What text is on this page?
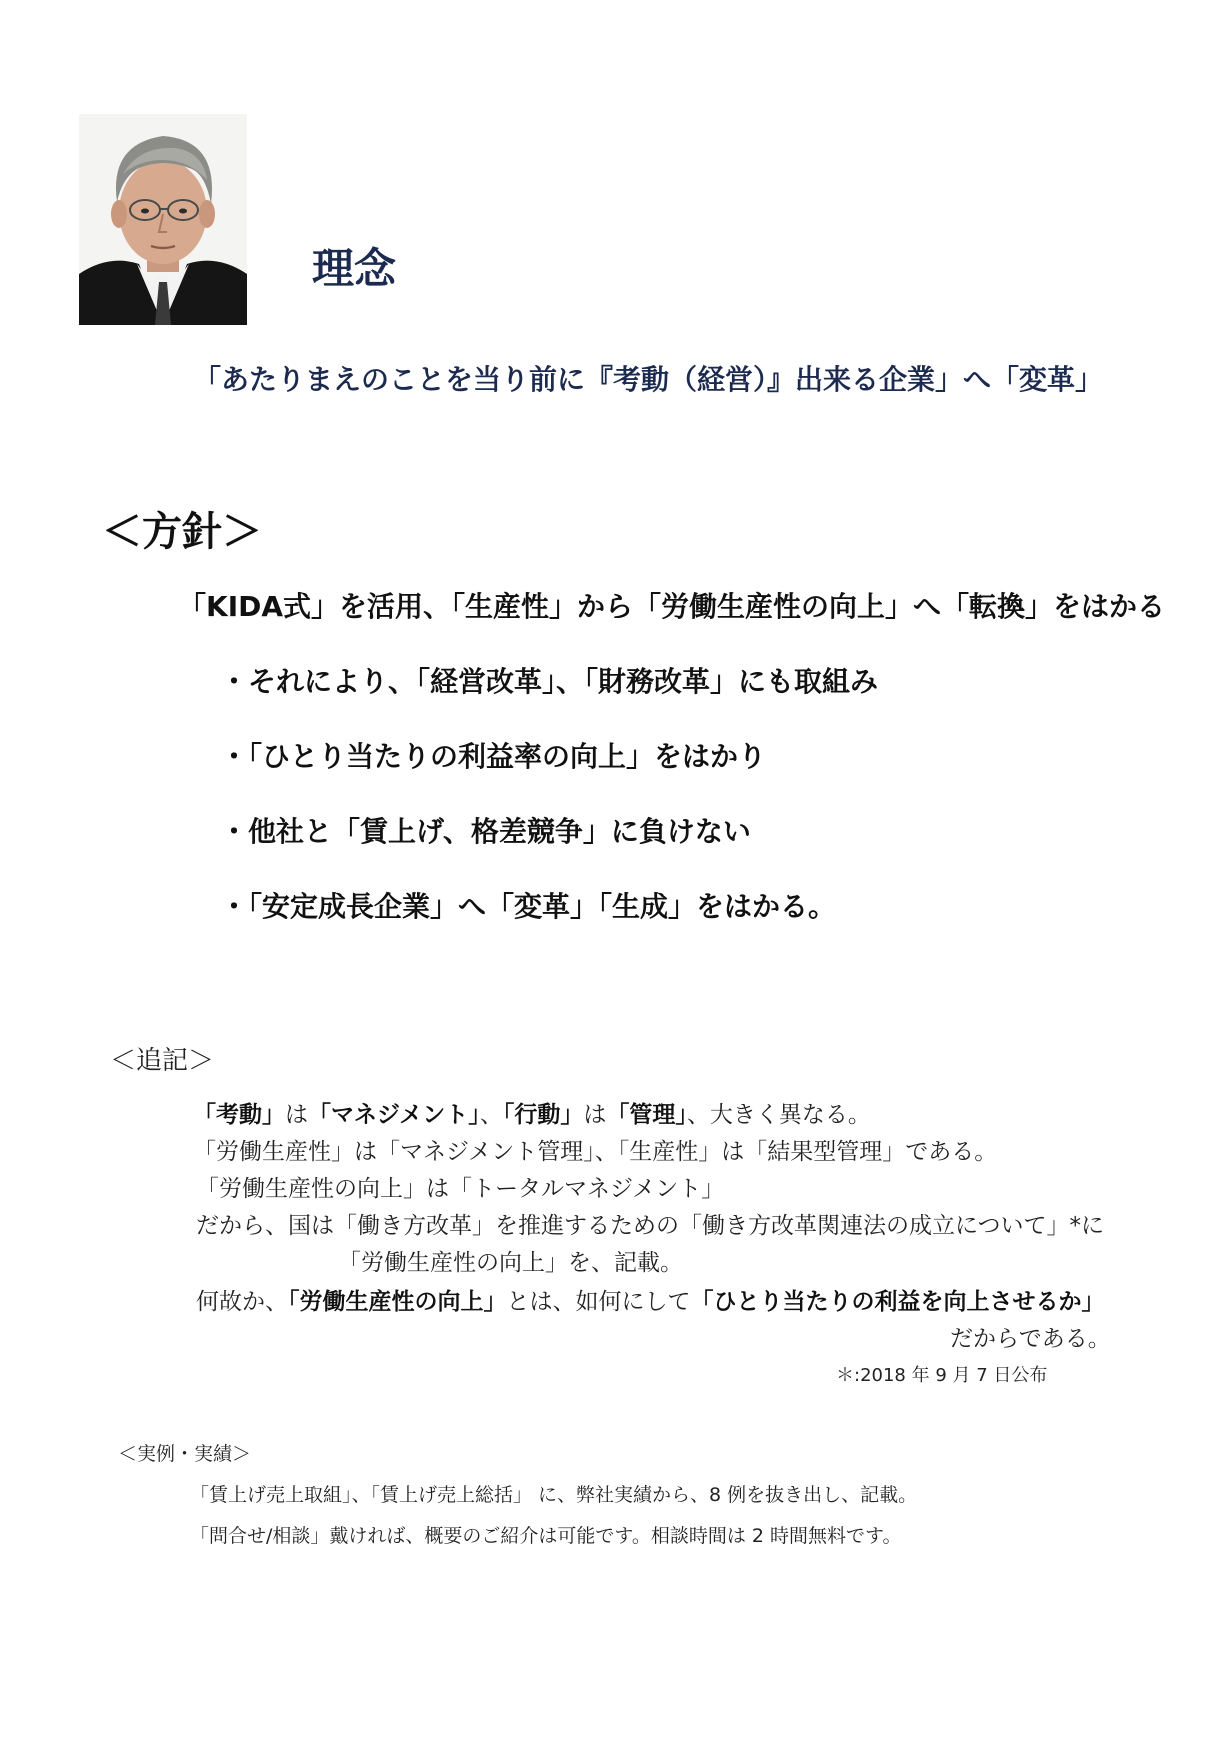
理念
「あたりまえのことを当り前に『考動（経営）』出来る企業」へ「変革」
＜方針＞
「KIDA式」を活用、「生産性」から「労働生産性の向上」へ「転換」をはかる
・それにより、「経営改革」、「財務改革」にも取組み
・「ひとり当たりの利益率の向上」をはかり
・他社と「賃上げ、格差競争」に負けない
・「安定成長企業」へ「変革」「生成」をはかる。
＜追記＞
「考動」は「マネジメント」、「行動」は「管理」、大きく異なる。
「労働生産性」は「マネジメント管理」、「生産性」は「結果型管理」である。
「労働生産性の向上」は「トータルマネジメント」
だから、国は「働き方改革」を推進するための「働き方改革関連法の成立について」*に
「労働生産性の向上」を、記載。
何故か、「労働生産性の向上」とは、如何にして「ひとり当たりの利益を向上させるか」
だからである。
＊:2018 年 9 月 7 日公布
＜実例・実績＞
「賃上げ売上取組」、「賃上げ売上総括」 に、弊社実績から、8 例を抜き出し、記載。
「問合せ/相談」戴ければ、概要のご紹介は可能です。相談時間は 2 時間無料です。
